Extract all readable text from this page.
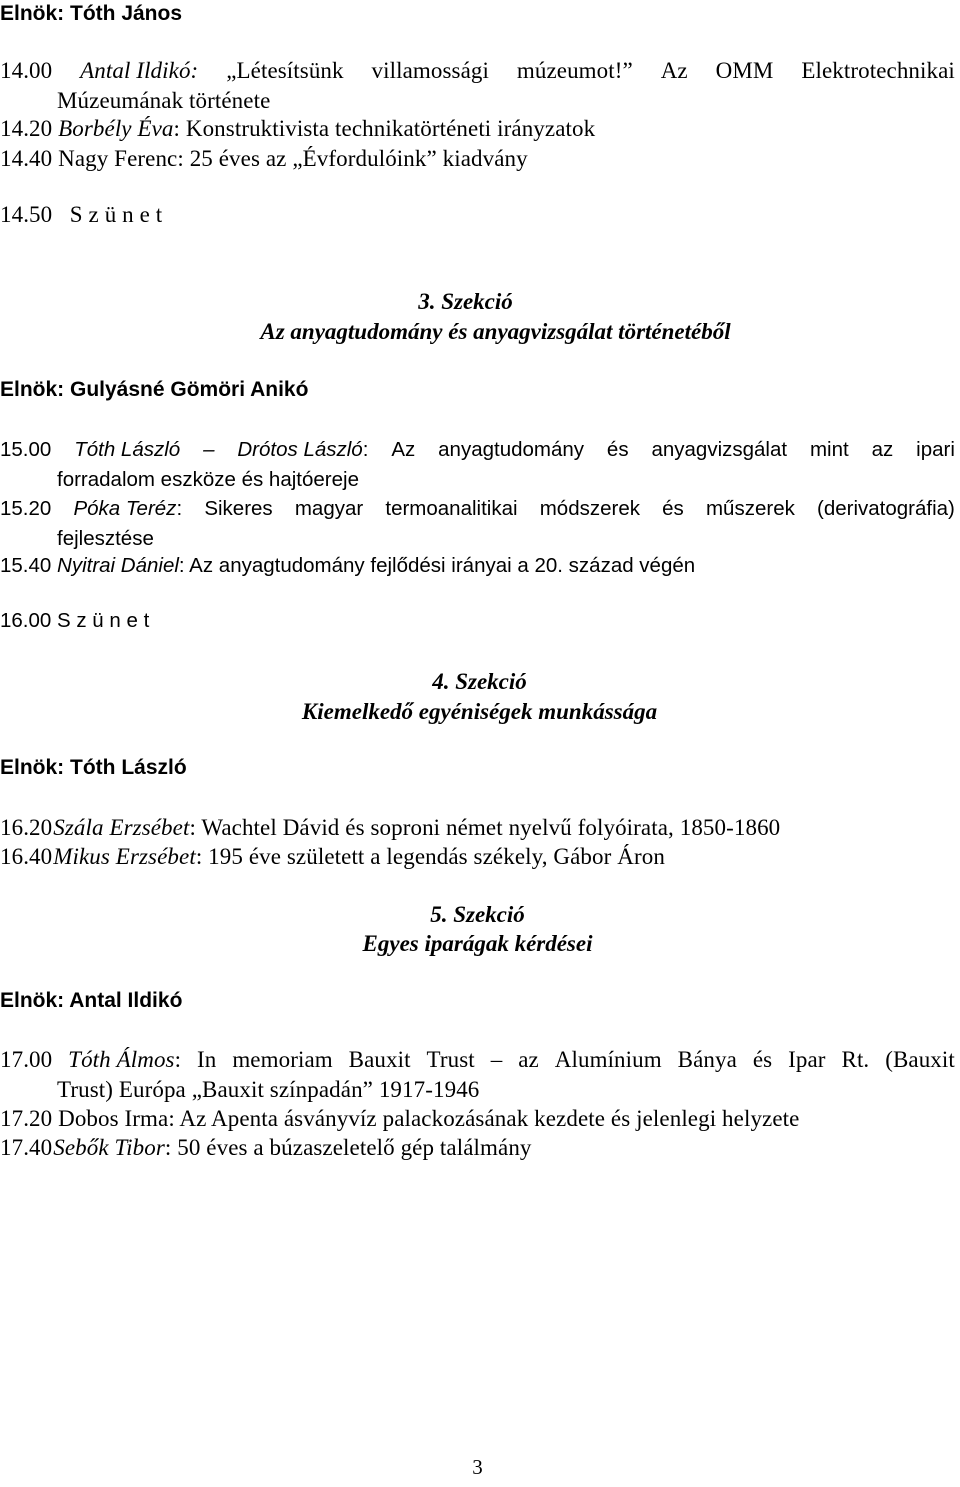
Elnök: Tóth János
14.00 Antal Ildikó: „Létesítsünk villamossági múzeumot!” Az OMM Elektrotechnikai
Múzeumának története
14.20 Borbély Éva: Konstruktivista technikatörténeti irányzatok
14.40 Nagy Ferenc: 25 éves az „Évfordulóink” kiadvány
14.50   S z ü n e t
3. Szekció
Az anyagtudomány és anyagvizsgálat történetéből
Elnök: Gulyásné Gömöri Anikó
15.00 Tóth László – Drótos László: Az anyagtudomány és anyagvizsgálat mint az ipari
forradalom eszköze és hajtóereje
15.20 Póka Teréz: Sikeres magyar termoanalitikai módszerek és műszerek (derivatográfia)
fejlesztése
15.40 Nyitrai Dániel: Az anyagtudomány fejlődési irányai a 20. század végén
16.00 S z ü n e t
4. Szekció
Kiemelkedő egyéniségek munkássága
Elnök: Tóth László
16.20Szála Erzsébet: Wachtel Dávid és soproni német nyelvű folyóirata, 1850-1860
16.40Mikus Erzsébet: 195 éve született a legendás székely, Gábor Áron
5. Szekció
Egyes iparágak kérdései
Elnök: Antal Ildikó
17.00 Tóth Álmos: In memoriam Bauxit Trust – az Alumínium Bánya és Ipar Rt. (Bauxit
Trust) Európa „Bauxit színpadán” 1917-1946
17.20 Dobos Irma: Az Apenta ásványvíz palackozásának kezdete és jelenlegi helyzete
17.40Sebők Tibor: 50 éves a búzaszeletelő gép találmány
3
